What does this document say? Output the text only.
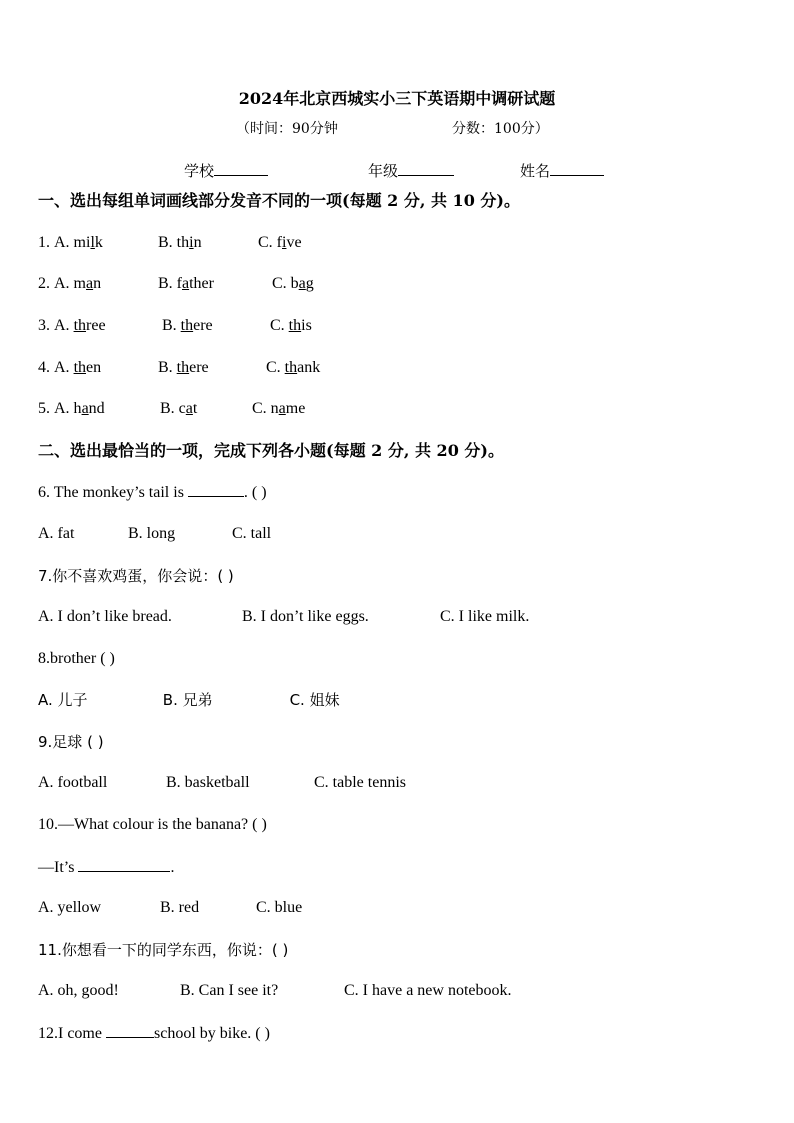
2024年北京西城实小三下英语期中调研试题
（时间：90分钟	分数：100分）
学校	年级	姓名
一、选出每组单词画线部分发音不同的一项(每题 2 分, 共 10 分)。
1. A. milk	B. thin	C. five
2. A. man	B. father	C. bag
3. A. three	B. there	C. this
4. A. then	B. there	C. thank
5. A. hand	B. cat	C. name
二、选出最恰当的一项，完成下列各小题(每题 2 分, 共 20 分)。
6. The monkey’s tail is	. ( )
A. fat	B. long	C. tall
7.你不喜欢鸡蛋，你会说：( )
A. I don’t like bread.	B. I don’t like eggs.	C. I like milk.
8.brother ( )
A. 儿子	B. 兄弟	C. 姐妹
9.足球 ( )
A. football	B. basketball	C. table tennis
10.—What colour is the banana? ( )
—It’s	.
A. yellow	B. red	C. blue
11.你想看一下的同学东西，你说：( )
A. oh, good!	B. Can I see it?	C. I have a new notebook.
12.I come	school by bike. ( )
